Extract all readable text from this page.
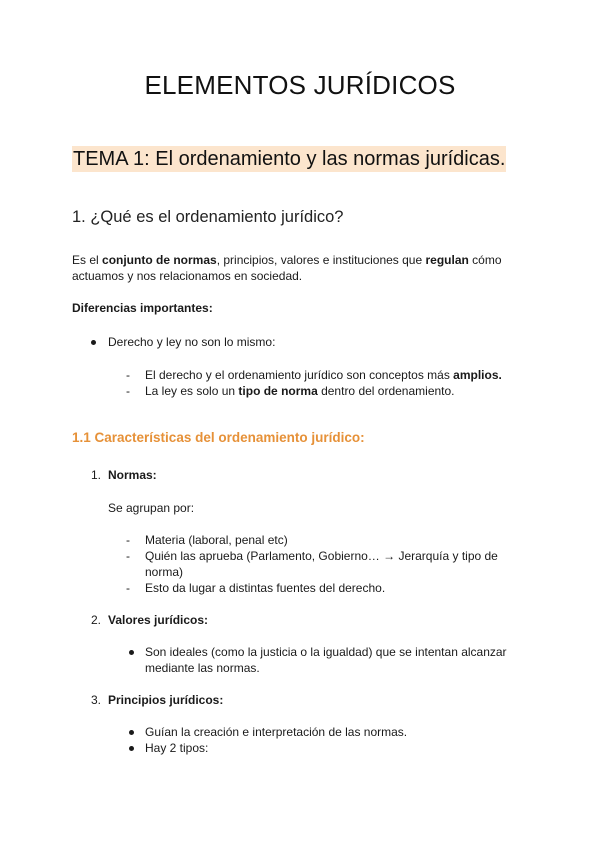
ELEMENTOS JURÍDICOS
TEMA 1: El ordenamiento y las normas jurídicas.
1. ¿Qué es el ordenamiento jurídico?
Es el conjunto de normas, principios, valores e instituciones que regulan cómo
actuamos y nos relacionamos en sociedad.
Diferencias importantes:
Derecho y ley no son lo mismo:
- El derecho y el ordenamiento jurídico son conceptos más amplios.
- La ley es solo un tipo de norma dentro del ordenamiento.
1.1 Características del ordenamiento jurídico:
1. Normas:
Se agrupan por:
- Materia (laboral, penal etc)
- Quién las aprueba (Parlamento, Gobierno… → Jerarquía y tipo de
norma)
- Esto da lugar a distintas fuentes del derecho.
2. Valores jurídicos:
Son ideales (como la justicia o la igualdad) que se intentan alcanzar
mediante las normas.
3. Principios jurídicos:
Guían la creación e interpretación de las normas.
Hay 2 tipos:
